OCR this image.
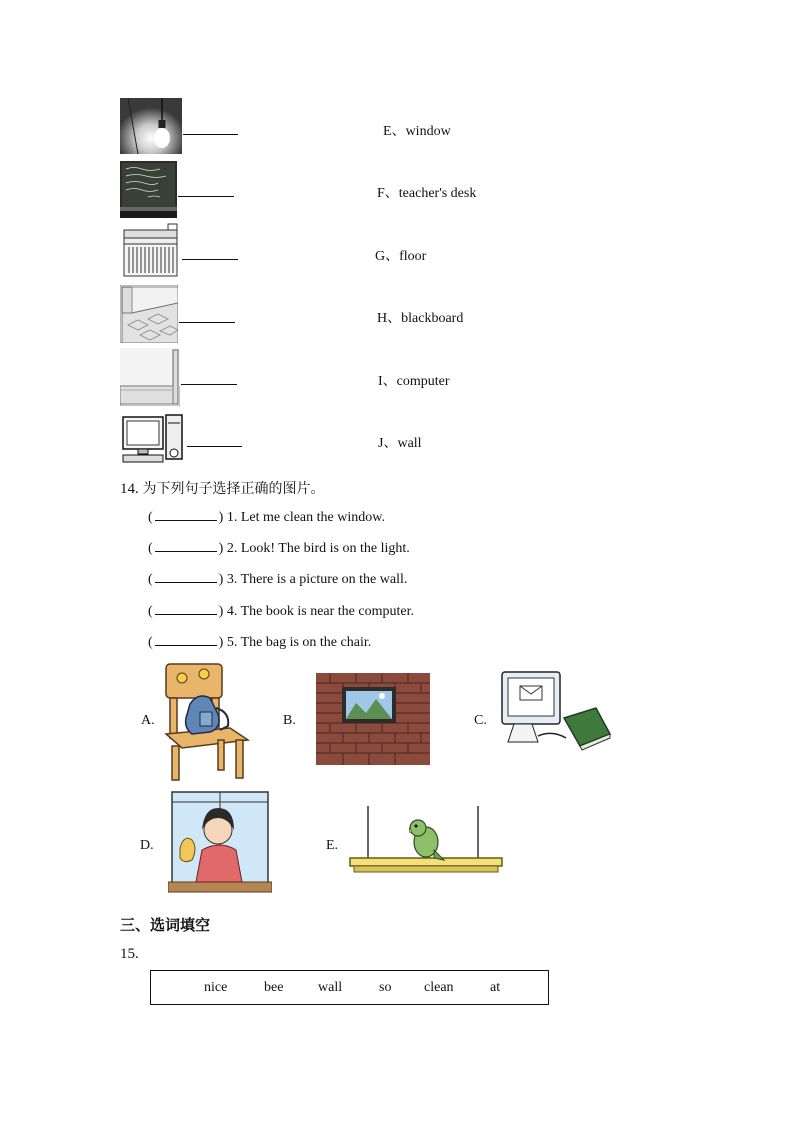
E、window
F、teacher's desk
G、floor
H、blackboard
I、computer
J、wall
14. 为下列句子选择正确的图片。
(	) 1. Let me clean the window.
(	) 2. Look! The bird is on the light.
(	) 3. There is a picture on the wall.
(	) 4. The book is near the computer.
(	) 5. The bag is on the chair.
A.	B.	C.
D.	E.
三、选词填空
15.
nice	bee wall	so clean	at
